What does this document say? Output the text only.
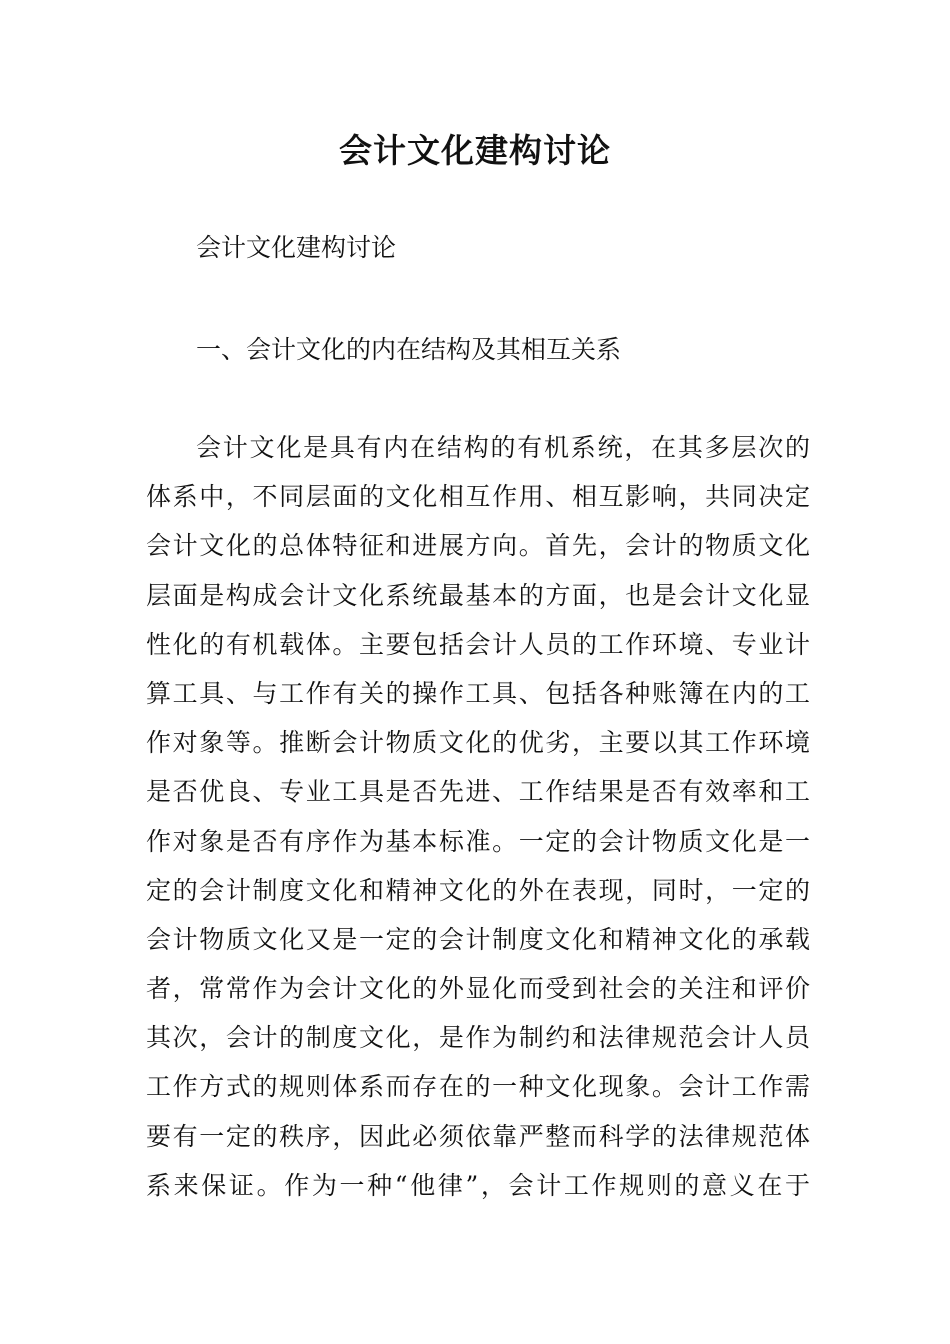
会计文化建构讨论

会计文化建构讨论

一、会计文化的内在结构及其相互关系

会计文化是具有内在结构的有机系统，在其多层次的
体系中，不同层面的文化相互作用、相互影响，共同决定
会计文化的总体特征和进展方向。首先，会计的物质文化
层面是构成会计文化系统最基本的方面，也是会计文化显
性化的有机载体。主要包括会计人员的工作环境、专业计
算工具、与工作有关的操作工具、包括各种账簿在内的工
作对象等。推断会计物质文化的优劣，主要以其工作环境
是否优良、专业工具是否先进、工作结果是否有效率和工
作对象是否有序作为基本标准。一定的会计物质文化是一
定的会计制度文化和精神文化的外在表现，同时，一定的
会计物质文化又是一定的会计制度文化和精神文化的承载
者，常常作为会计文化的外显化而受到社会的关注和评价
其次，会计的制度文化，是作为制约和法律规范会计人员
工作方式的规则体系而存在的一种文化现象。会计工作需
要有一定的秩序，因此必须依靠严整而科学的法律规范体
系来保证。作为一种“他律”，会计工作规则的意义在于
